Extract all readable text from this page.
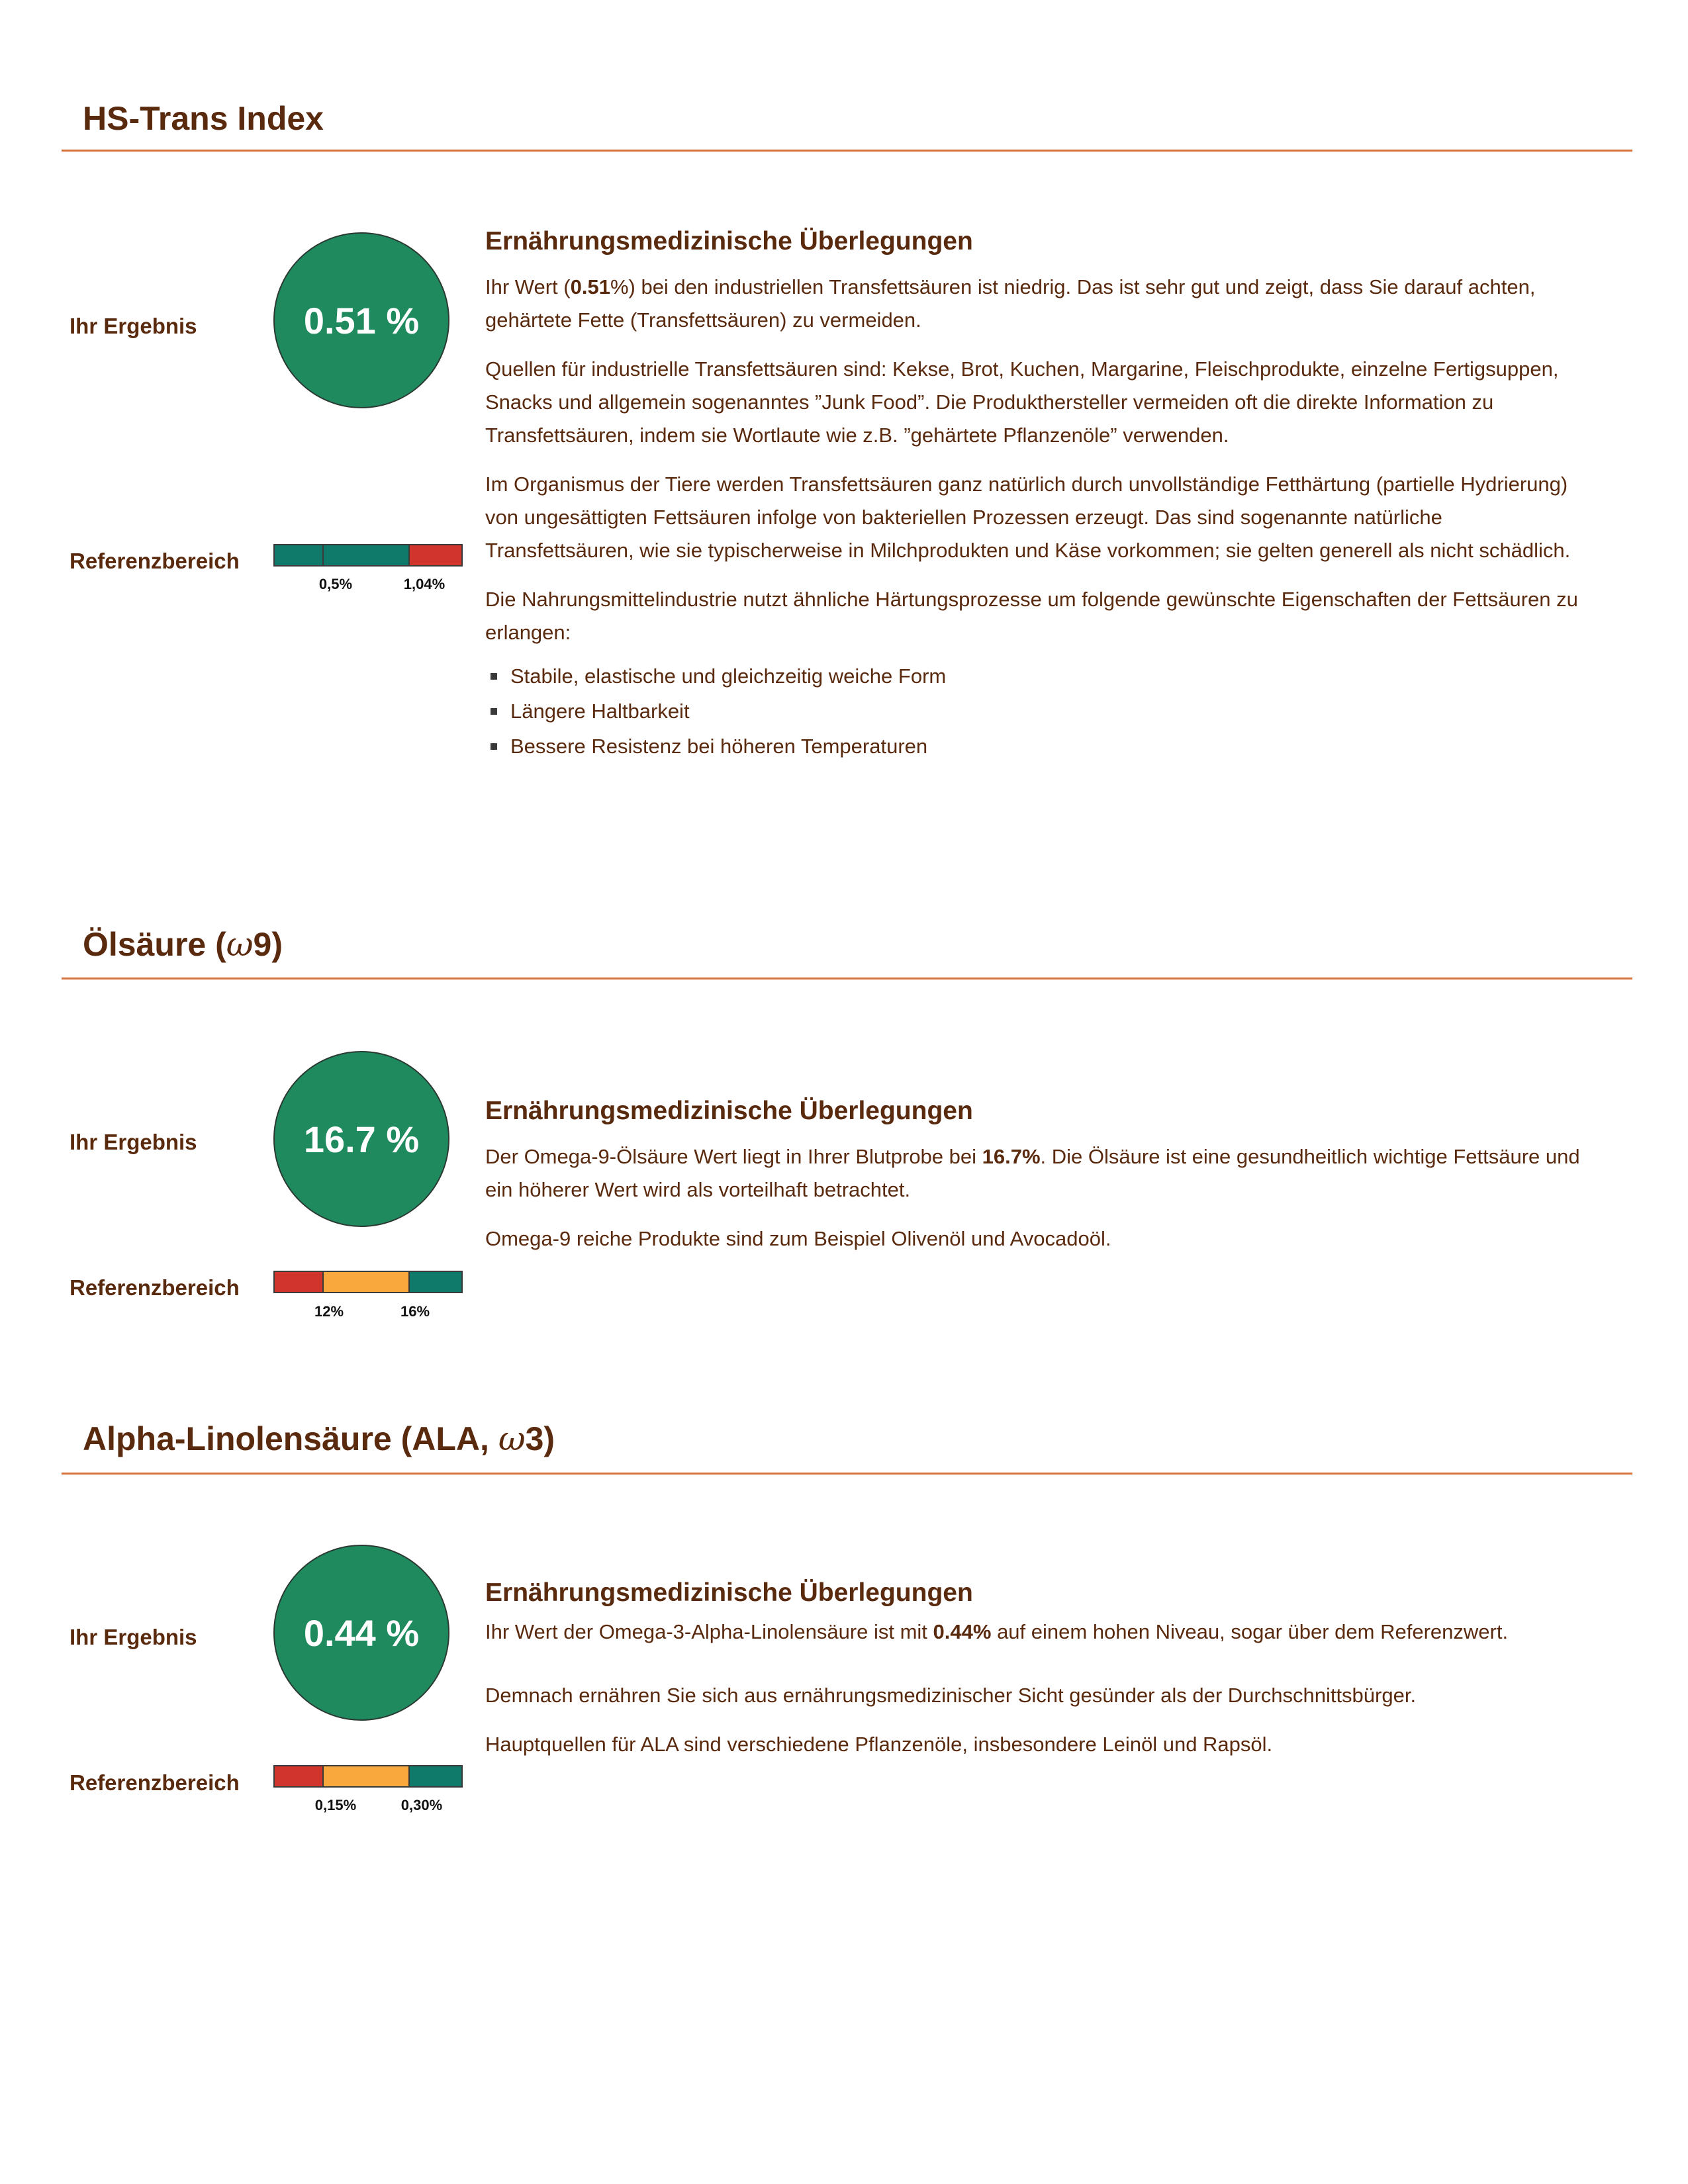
HS-Trans Index
Ihr Ergebnis	0.51 %
Referenzbereich
0,5%	1,04%
Ernährungsmedizinische Überlegungen

Ihr Wert (0.51%) bei den industriellen Transfettsäuren ist niedrig. Das ist sehr gut und zeigt, dass Sie darauf achten, gehärtete Fette (Transfettsäuren) zu vermeiden.

Quellen für industrielle Transfettsäuren sind: Kekse, Brot, Kuchen, Margarine, Fleischprodukte, einzelne Fertigsuppen, Snacks und allgemein sogenanntes ”Junk Food”. Die Produkthersteller vermeiden oft die direkte Information zu Transfettsäuren, indem sie Wortlaute wie z.B. ”gehärtete Pflanzenöle” verwenden.

Im Organismus der Tiere werden Transfettsäuren ganz natürlich durch unvollständige Fetthärtung (partielle Hydrierung) von ungesättigten Fettsäuren infolge von bakteriellen Prozessen erzeugt. Das sind sogenannte natürliche Transfettsäuren, wie sie typischerweise in Milchprodukten und Käse vorkommen; sie gelten generell als nicht schädlich.

Die Nahrungsmittelindustrie nutzt ähnliche Härtungsprozesse um folgende gewünschte Eigenschaften der Fettsäuren zu erlangen:

Stabile, elastische und gleichzeitig weiche Form
Längere Haltbarkeit
Bessere Resistenz bei höheren Temperaturen
Ölsäure (ω9)
Ihr Ergebnis	16.7 %
Referenzbereich
12%	16%
Ernährungsmedizinische Überlegungen

Der Omega-9-Ölsäure Wert liegt in Ihrer Blutprobe bei 16.7%. Die Ölsäure ist eine gesundheitlich wichtige Fettsäure und ein höherer Wert wird als vorteilhaft betrachtet.

Omega-9 reiche Produkte sind zum Beispiel Olivenöl und Avocadoöl.

Alpha-Linolensäure (ALA, ω3)
Ihr Ergebnis	0.44 %
Referenzbereich
0,15%	0,30%
Ernährungsmedizinische Überlegungen

Ihr Wert der Omega-3-Alpha-Linolensäure ist mit 0.44% auf einem hohen Niveau, sogar über dem Referenzwert.

Demnach ernähren Sie sich aus ernährungsmedizinischer Sicht gesünder als der Durchschnittsbürger.

Hauptquellen für ALA sind verschiedene Pflanzenöle, insbesondere Leinöl und Rapsöl.
